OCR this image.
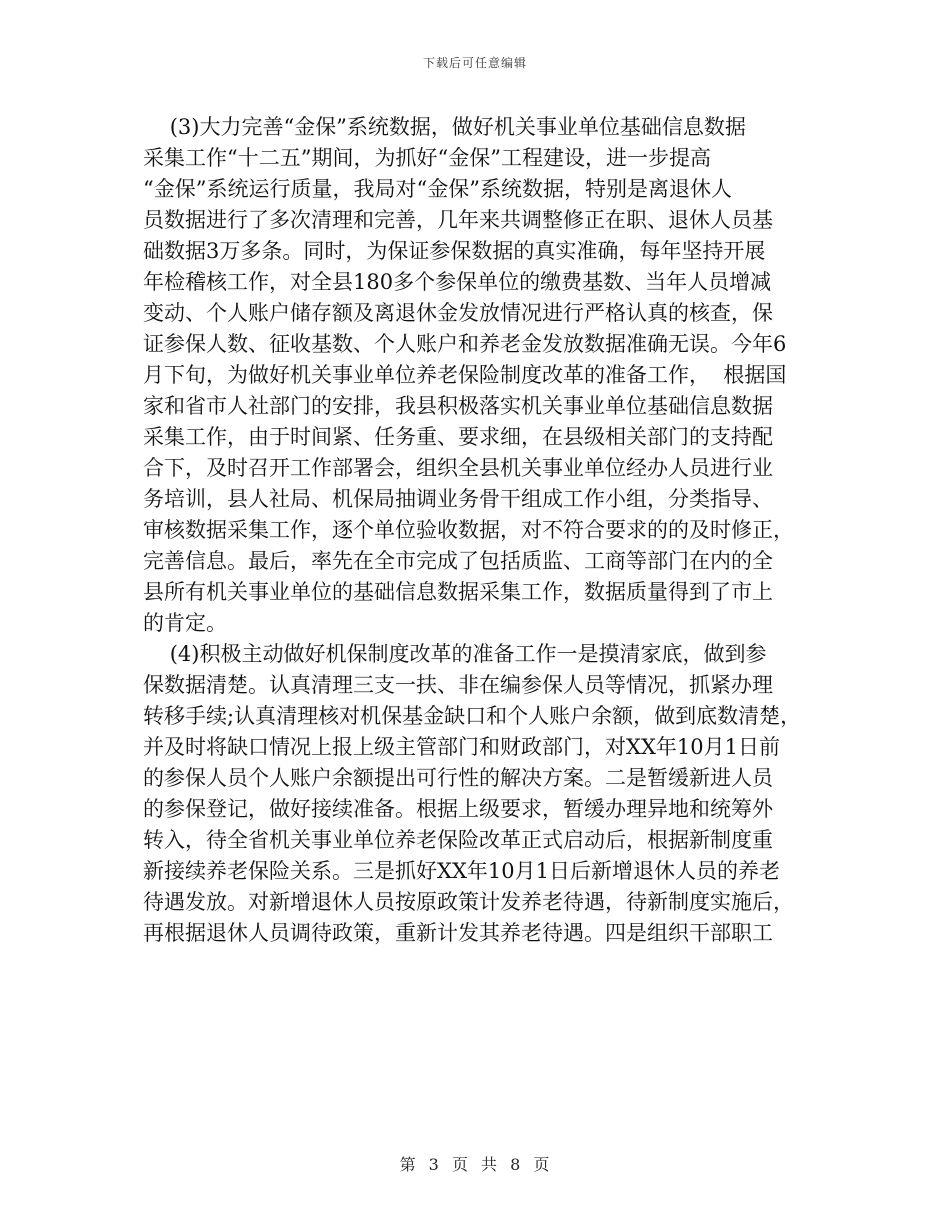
下载后可任意编辑
(3)大力完善“金保”系统数据，做好机关事业单位基础信息数据
采集工作“十二五”期间，为抓好“金保”工程建设，进一步提高
“金保”系统运行质量，我局对“金保”系统数据，特别是离退休人
员数据进行了多次清理和完善，几年来共调整修正在职、退休人员基
础数据3万多条。同时，为保证参保数据的真实准确，每年坚持开展
年检稽核工作，对全县180多个参保单位的缴费基数、当年人员增减
变动、个人账户储存额及离退休金发放情况进行严格认真的核查，保
证参保人数、征收基数、个人账户和养老金发放数据准确无误。今年6
月下旬，为做好机关事业单位养老保险制度改革的准备工作，  根据国
家和省市人社部门的安排，我县积极落实机关事业单位基础信息数据
采集工作，由于时间紧、任务重、要求细，在县级相关部门的支持配
合下，及时召开工作部署会，组织全县机关事业单位经办人员进行业
务培训，县人社局、机保局抽调业务骨干组成工作小组，分类指导、
审核数据采集工作，逐个单位验收数据，对不符合要求的的及时修正，
完善信息。最后，率先在全市完成了包括质监、工商等部门在内的全
县所有机关事业单位的基础信息数据采集工作，数据质量得到了市上
的肯定。
(4)积极主动做好机保制度改革的准备工作一是摸清家底，做到参
保数据清楚。认真清理三支一扶、非在编参保人员等情况，抓紧办理
转移手续;认真清理核对机保基金缺口和个人账户余额，做到底数清楚，
并及时将缺口情况上报上级主管部门和财政部门，对XX年10月1日前
的参保人员个人账户余额提出可行性的解决方案。二是暂缓新进人员
的参保登记，做好接续准备。根据上级要求，暂缓办理异地和统筹外
转入，待全省机关事业单位养老保险改革正式启动后，根据新制度重
新接续养老保险关系。三是抓好XX年10月1日后新增退休人员的养老
待遇发放。对新增退休人员按原政策计发养老待遇，待新制度实施后，
再根据退休人员调待政策，重新计发其养老待遇。四是组织干部职工
第 3 页 共 8 页
